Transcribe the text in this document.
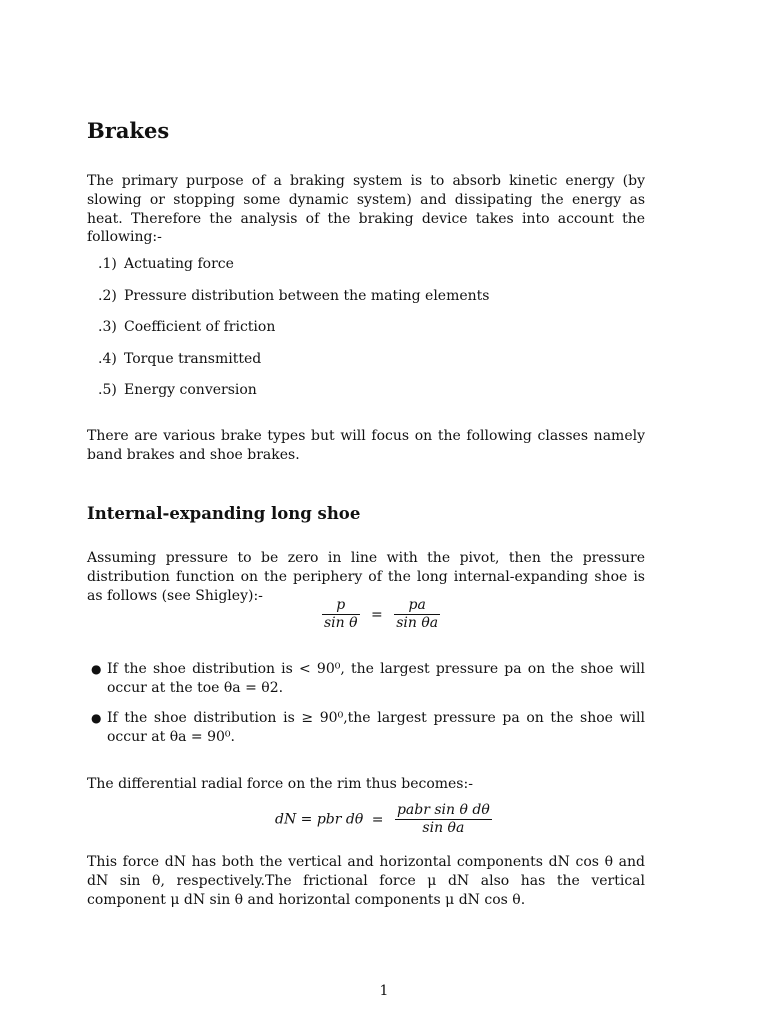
Brakes
The primary purpose of a braking system is to absorb kinetic energy (by slowing or stopping some dynamic system) and dissipating the energy as heat. Therefore the analysis of the braking device takes into account the following:-
.1) Actuating force
.2) Pressure distribution between the mating elements
.3) Coefficient of friction
.4) Torque transmitted
.5) Energy conversion
There are various brake types but will focus on the following classes namely band brakes and shoe brakes.
Internal-expanding long shoe
Assuming pressure to be zero in line with the pivot, then the pressure distribution function on the periphery of the long internal-expanding shoe is as follows (see Shigley):-
$\frac{p}{\text{sin θ}} = \frac{pa}{\text{sin θa}}$
● If the shoe distribution is < 90⁰, the largest pressure pa on the shoe will occur at the toe θa = θ2.
● If the shoe distribution is ≥ 90⁰,the largest pressure pa on the shoe will occur at θa = 90⁰.
The differential radial force on the rim thus becomes:-
dN = pbr $d\theta = \frac{\text{pabr sin θ dθ}}{\text{sin θa}}$
This force dN has both the vertical and horizontal components dN cos θ and dN sin θ, respectively.The frictional force μ dN also has the vertical component μ dN sin θ and horizontal components μ dN cos θ.
1
